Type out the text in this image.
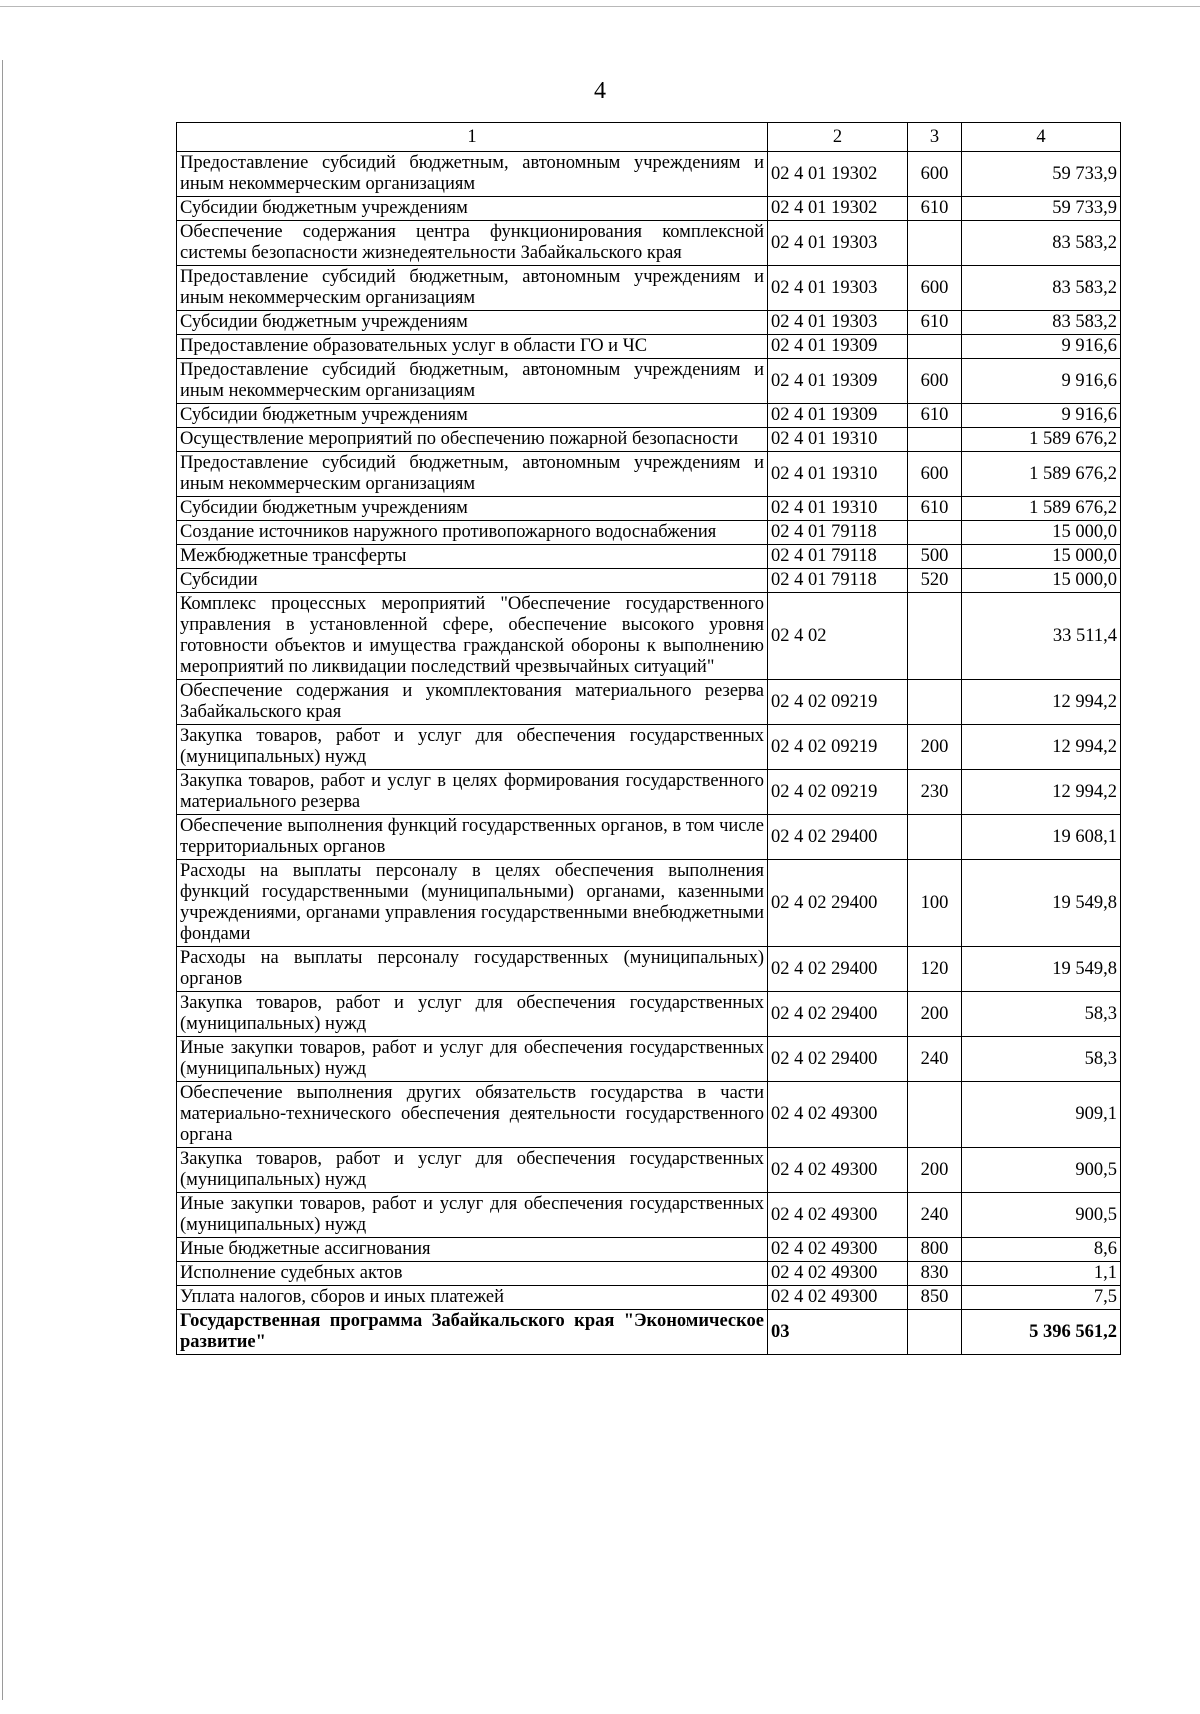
4
1	2	3	4
Предоставление субсидий бюджетным, автономным учреждениям и иным некоммерческим организациям	02 4 01 19302	600	59 733,9
Субсидии бюджетным учреждениям	02 4 01 19302	610	59 733,9
Обеспечение содержания центра функционирования комплексной системы безопасности жизнедеятельности Забайкальского края	02 4 01 19303		83 583,2
Предоставление субсидий бюджетным, автономным учреждениям и иным некоммерческим организациям	02 4 01 19303	600	83 583,2
Субсидии бюджетным учреждениям	02 4 01 19303	610	83 583,2
Предоставление образовательных услуг в области ГО и ЧС	02 4 01 19309		9 916,6
Предоставление субсидий бюджетным, автономным учреждениям и иным некоммерческим организациям	02 4 01 19309	600	9 916,6
Субсидии бюджетным учреждениям	02 4 01 19309	610	9 916,6
Осуществление мероприятий по обеспечению пожарной безопасности	02 4 01 19310		1 589 676,2
Предоставление субсидий бюджетным, автономным учреждениям и иным некоммерческим организациям	02 4 01 19310	600	1 589 676,2
Субсидии бюджетным учреждениям	02 4 01 19310	610	1 589 676,2
Создание источников наружного противопожарного водоснабжения	02 4 01 79118		15 000,0
Межбюджетные трансферты	02 4 01 79118	500	15 000,0
Субсидии	02 4 01 79118	520	15 000,0
Комплекс процессных мероприятий "Обеспечение государственного управления в установленной сфере, обеспечение высокого уровня готовности объектов и имущества гражданской обороны к выполнению мероприятий по ликвидации последствий чрезвычайных ситуаций"	02 4 02		33 511,4
Обеспечение содержания и укомплектования материального резерва Забайкальского края	02 4 02 09219		12 994,2
Закупка товаров, работ и услуг для обеспечения государственных (муниципальных) нужд	02 4 02 09219	200	12 994,2
Закупка товаров, работ и услуг в целях формирования государственного материального резерва	02 4 02 09219	230	12 994,2
Обеспечение выполнения функций государственных органов, в том числе территориальных органов	02 4 02 29400		19 608,1
Расходы на выплаты персоналу в целях обеспечения выполнения функций государственными (муниципальными) органами, казенными учреждениями, органами управления государственными внебюджетными фондами	02 4 02 29400	100	19 549,8
Расходы на выплаты персоналу государственных (муниципальных) органов	02 4 02 29400	120	19 549,8
Закупка товаров, работ и услуг для обеспечения государственных (муниципальных) нужд	02 4 02 29400	200	58,3
Иные закупки товаров, работ и услуг для обеспечения государственных (муниципальных) нужд	02 4 02 29400	240	58,3
Обеспечение выполнения других обязательств государства в части материально-технического обеспечения деятельности государственного органа	02 4 02 49300		909,1
Закупка товаров, работ и услуг для обеспечения государственных (муниципальных) нужд	02 4 02 49300	200	900,5
Иные закупки товаров, работ и услуг для обеспечения государственных (муниципальных) нужд	02 4 02 49300	240	900,5
Иные бюджетные ассигнования	02 4 02 49300	800	8,6
Исполнение судебных актов	02 4 02 49300	830	1,1
Уплата налогов, сборов и иных платежей	02 4 02 49300	850	7,5
Государственная программа Забайкальского края "Экономическое развитие"	03		5 396 561,2
